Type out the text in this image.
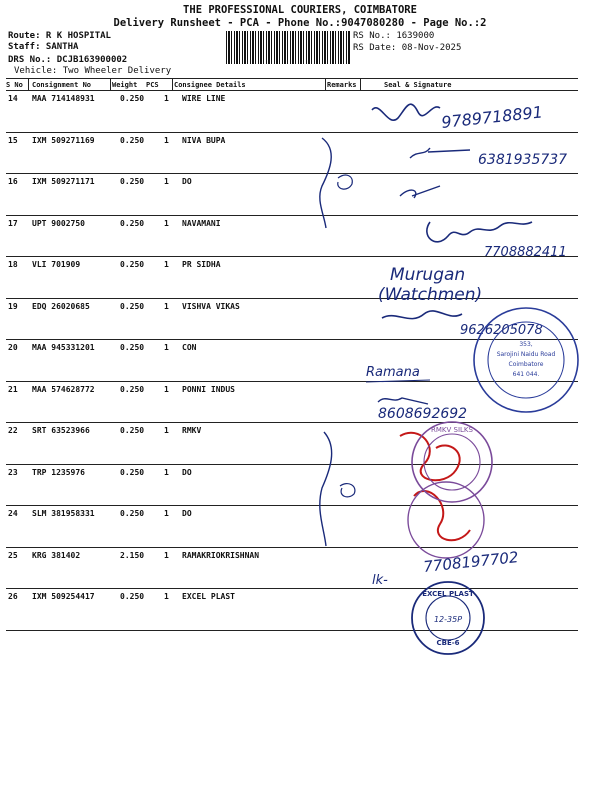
THE PROFESSIONAL COURIERS, COIMBATORE
Delivery Runsheet - PCA - Phone No.:9047080280 - Page No.:2
Route: R K HOSPITAL
Staff: SANTHA
DRS No.: DCJB163900002
Vehicle: Two Wheeler Delivery
RS No.: 1639000
RS Date: 08-Nov-2025
S No Consignment No	Weight PCS Consignee Details	Remarks	Seal & Signature
14 MAA 714148931	0.250 1 WIRE LINE
15 IXM 509271169	0.250 1 NIVA BUPA
16 IXM 509271171	0.250 1 DO
17 UPT 9002750	0.250 1 NAVAMANI
18 VLI 701909	0.250 1 PR SIDHA
19 EDQ 26020685	0.250 1 VISHVA VIKAS
20 MAA 945331201	0.250 1 CON
21 MAA 574628772	0.250 1 PONNI INDUS
22 SRT 63523966	0.250 1 RMKV
23 TRP 1235976	0.250 1 DO
24 SLM 381958331	0.250 1 DO
25 KRG 381402	2.150 1 RAMAKRIOKRISHNAN
26 IXM 509254417	0.250 1 EXCEL PLAST
9789718891
6381935737
7708882411
Murugan
(Watchmen)
9626205078
353,
Sarojini Naidu Road
Coimbatore
641 044.
Ramana
8608692692
RMKV SILKS
lk-
7708197702
EXCEL PLAST
CBE-6
12-35P
